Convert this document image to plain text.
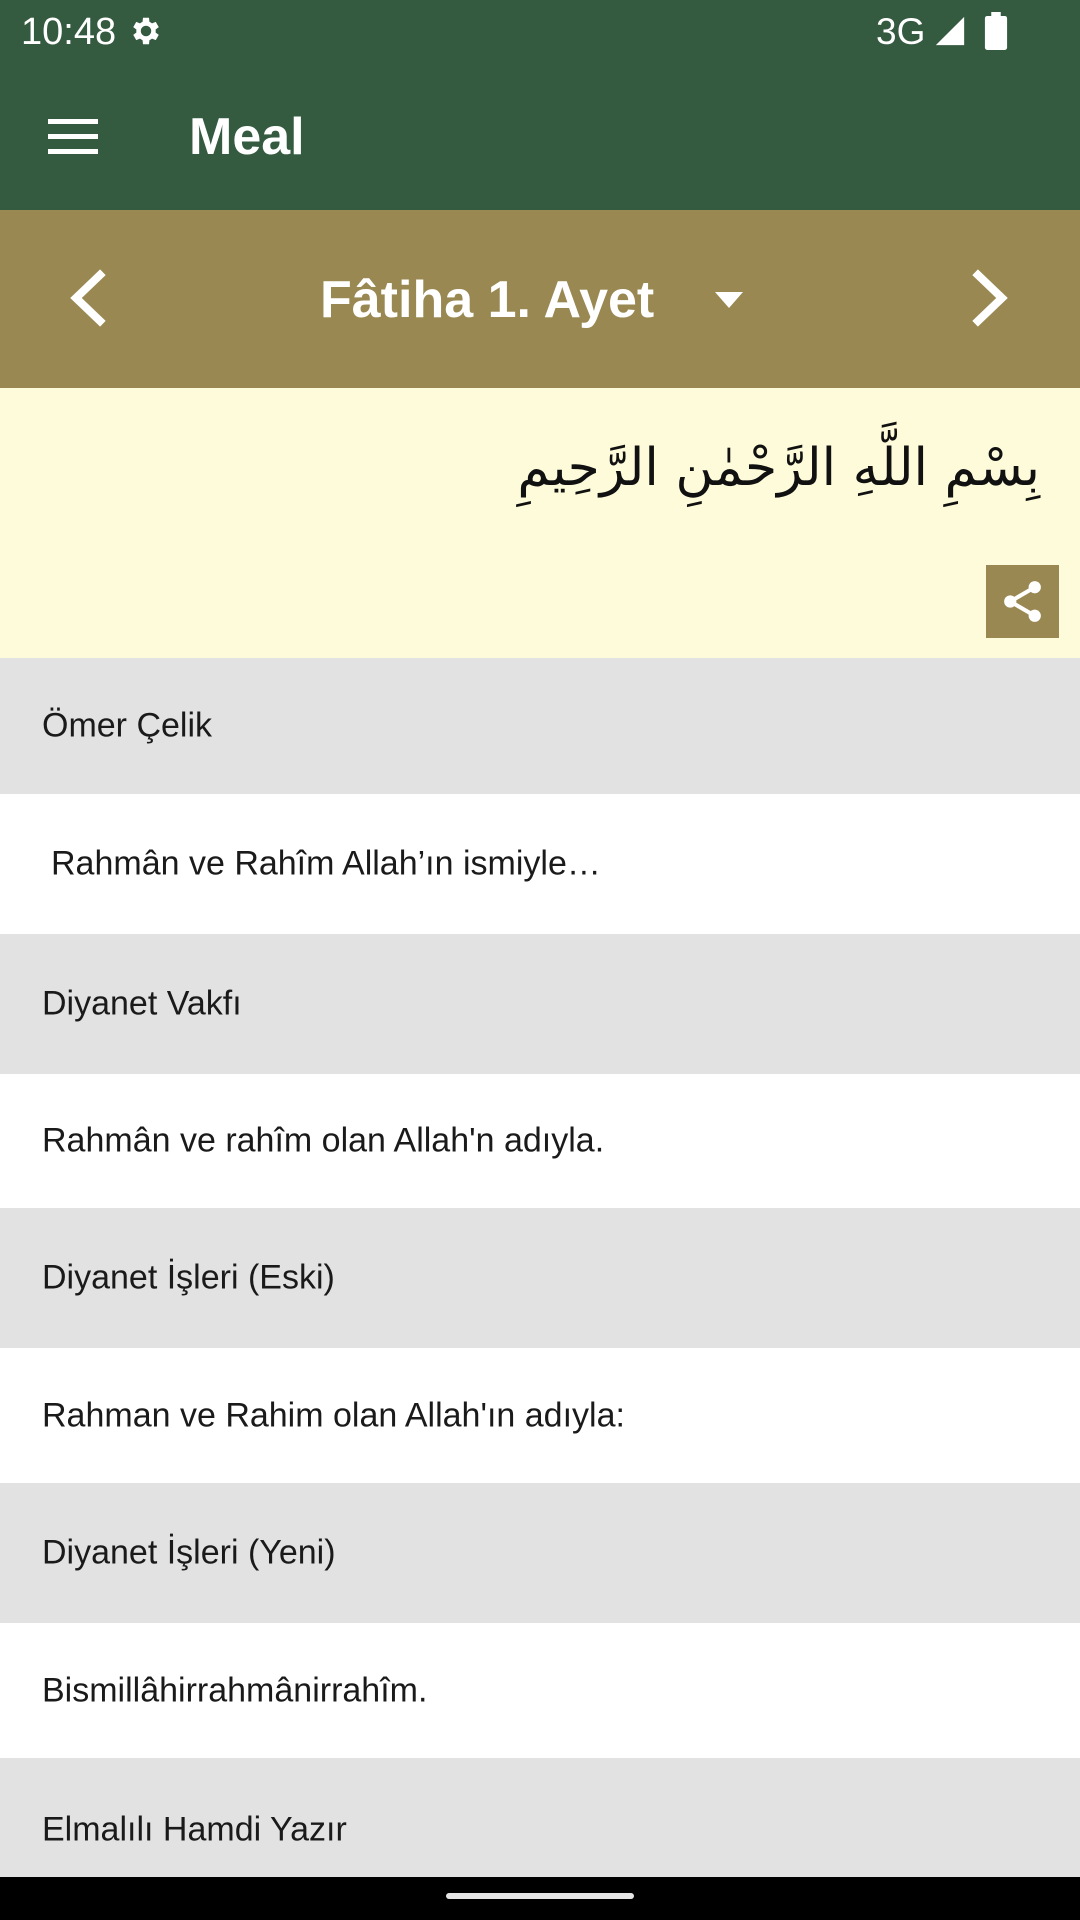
10:48	3G
Meal
Fâtiha 1. Ayet
بِسْمِ اللَّهِ الرَّحْمٰنِ الرَّحِيمِ
Ömer Çelik
Rahmân ve Rahîm Allah’ın ismiyle…
Diyanet Vakfı
Rahmân ve rahîm olan Allah'n adıyla.
Diyanet İşleri (Eski)
Rahman ve Rahim olan Allah'ın adıyla:
Diyanet İşleri (Yeni)
Bismillâhirrahmânirrahîm.
Elmalılı Hamdi Yazır
